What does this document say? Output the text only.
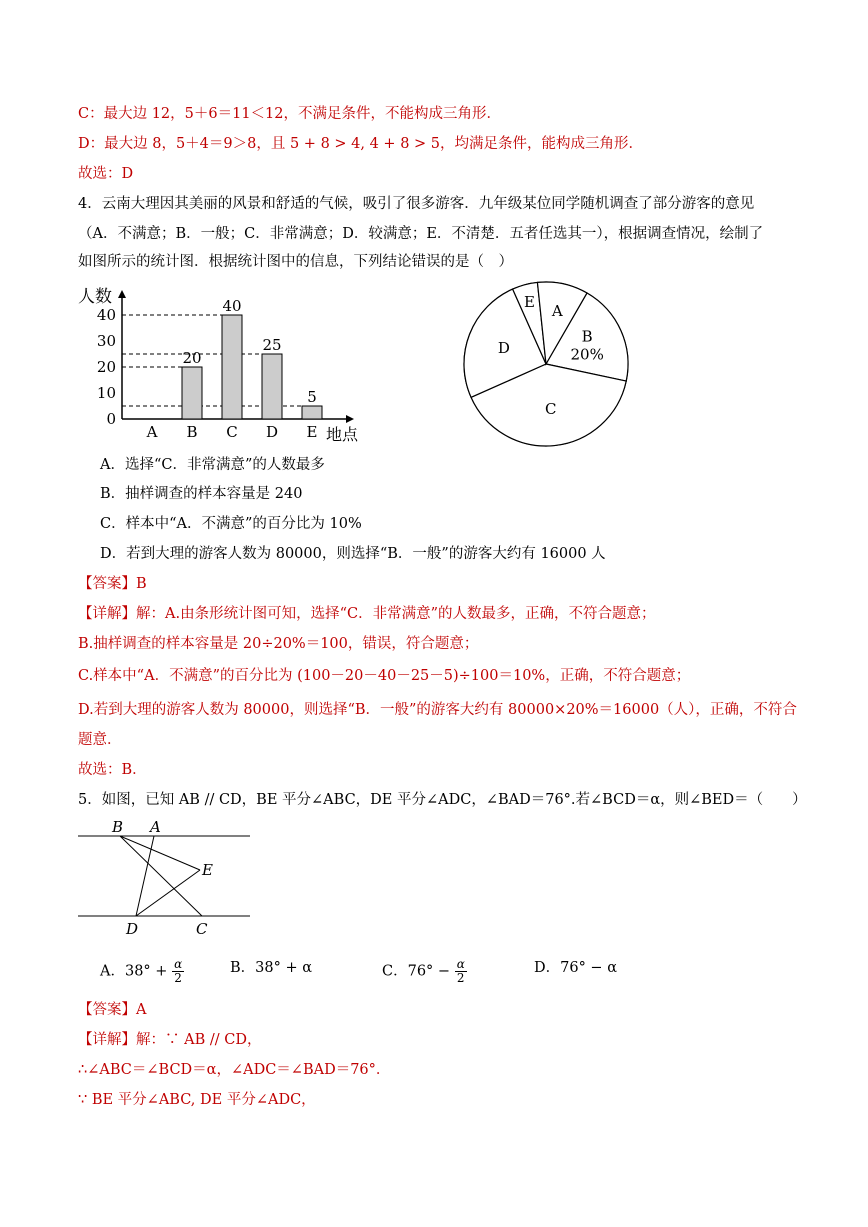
C：最大边 12，5＋6＝11＜12，不满足条件，不能构成三角形．
D：最大边 8，5＋4＝9＞8，且 5 + 8 > 4, 4 + 8 > 5，均满足条件，能构成三角形．
故选：D
4．云南大理因其美丽的风景和舒适的气候，吸引了很多游客．九年级某位同学随机调查了部分游客的意见
（A．不满意；B．一般；C．非常满意；D．较满意；E．不清楚．五者任选其一），根据调查情况，绘制了
如图所示的统计图．根据统计图中的信息，下列结论错误的是（　）
人数
地点
0
10
20
30
40
A B C D E
20
40
25
5
B
20%
C
D
E A
A．选择“C．非常满意”的人数最多
B．抽样调查的样本容量是 240
C．样本中“A．不满意”的百分比为 10%
D．若到大理的游客人数为 80000，则选择“B．一般”的游客大约有 16000 人
【答案】B
【详解】解：A.由条形统计图可知，选择“C．非常满意”的人数最多，正确，不符合题意；
B.抽样调查的样本容量是 20÷20%＝100，错误，符合题意；
C.样本中“A．不满意”的百分比为 (100－20－40－25－5)÷100＝10%，正确，不符合题意；
D.若到大理的游客人数为 80000，则选择“B．一般”的游客大约有 80000×20%＝16000（人），正确，不符合
题意．
故选：B．
5．如图，已知 AB // CD，BE 平分∠ABC，DE 平分∠ADC，∠BAD＝76°.若∠BCD＝α，则∠BED＝（　　）
B A
E
D	C
A．$38^\circ + \frac{\alpha}{2}$	B．38° + α	C．$76^\circ - \frac{\alpha}{2}$	D．76° − α
【答案】A
【详解】解：∵ AB // CD，
∴∠ABC＝∠BCD＝α，∠ADC＝∠BAD＝76°．
∵ BE 平分∠ABC, DE 平分∠ADC，
